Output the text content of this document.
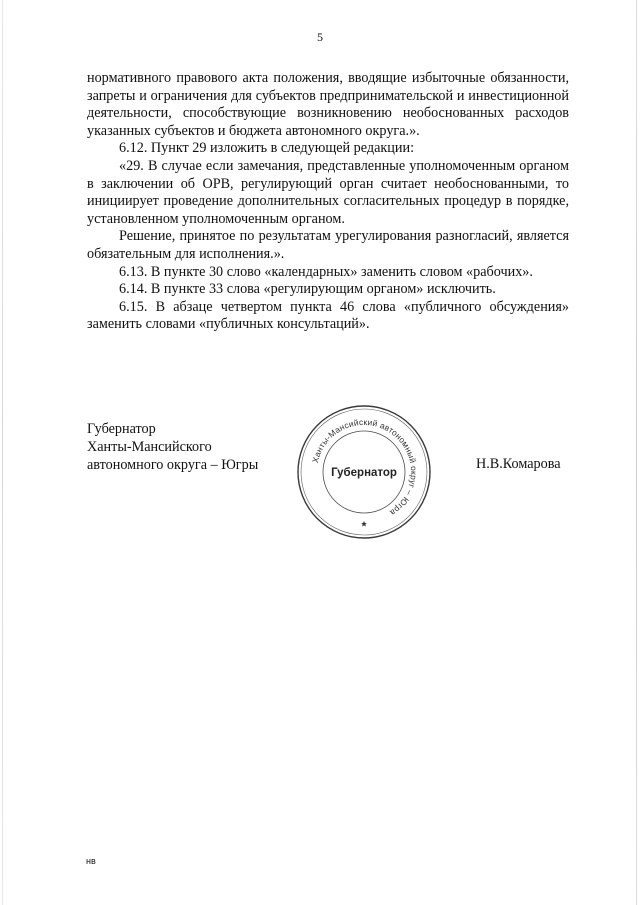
5

нормативного правового акта положения, вводящие избыточные обязанности, запреты и ограничения для субъектов предпринимательской и инвестиционной деятельности, способствующие возникновению необоснованных расходов указанных субъектов и бюджета автономного округа.».

6.12. Пункт 29 изложить в следующей редакции:

«29. В случае если замечания, представленные уполномоченным органом в заключении об ОРВ, регулирующий орган считает необоснованными, то инициирует проведение дополнительных согласительных процедур в порядке, установленном уполномоченным органом.

Решение, принятое по результатам урегулирования разногласий, является обязательным для исполнения.».

6.13. В пункте 30 слово «календарных» заменить словом «рабочих».

6.14. В пункте 33 слова «регулирующим органом» исключить.

6.15. В абзаце четвертом пункта 46 слова «публичного обсуждения» заменить словами «публичных консультаций».

Губернатор
Ханты-Мансийского
автономного округа – Югры	Ханты-Мансийский автономный округ – Югра
Губернатор
Н.В.Комарова
нв
